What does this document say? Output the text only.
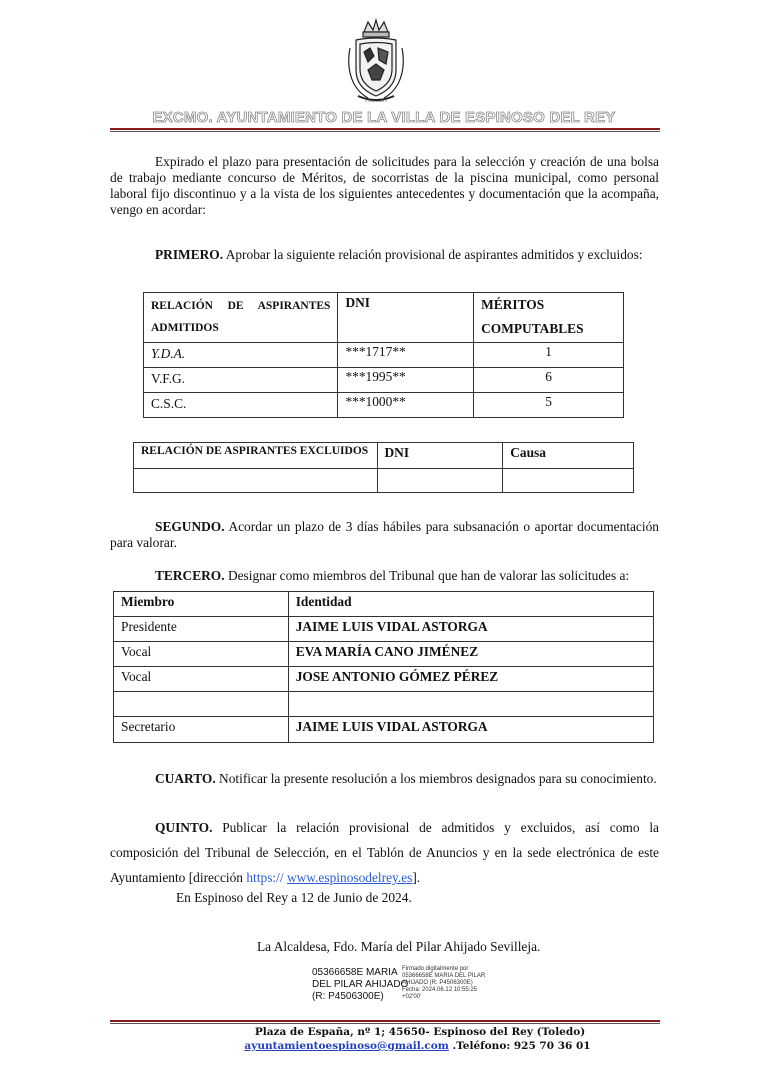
• TOLEDO •
EXCMO. AYUNTAMIENTO DE LA VILLA DE ESPINOSO DEL REY

Expirado el plazo para presentación de solicitudes para la selección y creación de una bolsa de trabajo mediante concurso de Méritos, de socorristas de la piscina municipal, como personal laboral fijo discontinuo y a la vista de los siguientes antecedentes y documentación que la acompaña, vengo en acordar:

PRIMERO. Aprobar la siguiente relación provisional de aspirantes admitidos y excluidos:

RELACIÓN DE ASPIRANTES ADMITIDOS	DNI	MÉRITOS COMPUTABLES
Y.D.A.	***1717**	1
V.F.G.	***1995**	6
C.S.C.	***1000**	5
RELACIÓN DE ASPIRANTES EXCLUIDOS	DNI	Causa

SEGUNDO. Acordar un plazo de 3 días hábiles para subsanación o aportar documentación para valorar.

TERCERO. Designar como miembros del Tribunal que han de valorar las solicitudes a:

Miembro	Identidad
Presidente	JAIME LUIS VIDAL ASTORGA
Vocal	EVA MARÍA CANO JIMÉNEZ
Vocal	JOSE ANTONIO GÓMEZ PÉREZ

Secretario	JAIME LUIS VIDAL ASTORGA

CUARTO. Notificar la presente resolución a los miembros designados para su conocimiento.

QUINTO. Publicar la relación provisional de admitidos y excluidos, así como la composición del Tribunal de Selección, en el Tablón de Anuncios y en la sede electrónica de este Ayuntamiento [dirección https:// www.espinosodelrey.es].

En Espinoso del Rey a 12 de Junio de 2024.

La Alcaldesa, Fdo. María del Pilar Ahijado Sevilleja.

05366658E MARIA
DEL PILAR AHIJADO
(R: P4506300E)
Firmado digitalmente por
05366658E MARIA DEL PILAR
AHIJADO (R: P4506300E)
Fecha: 2024.06.12 10:55:25
+02'00'
Plaza de España, nº 1; 45650- Espinoso del Rey (Toledo)
ayuntamientoespinoso@gmail.com .Teléfono: 925 70 36 01
